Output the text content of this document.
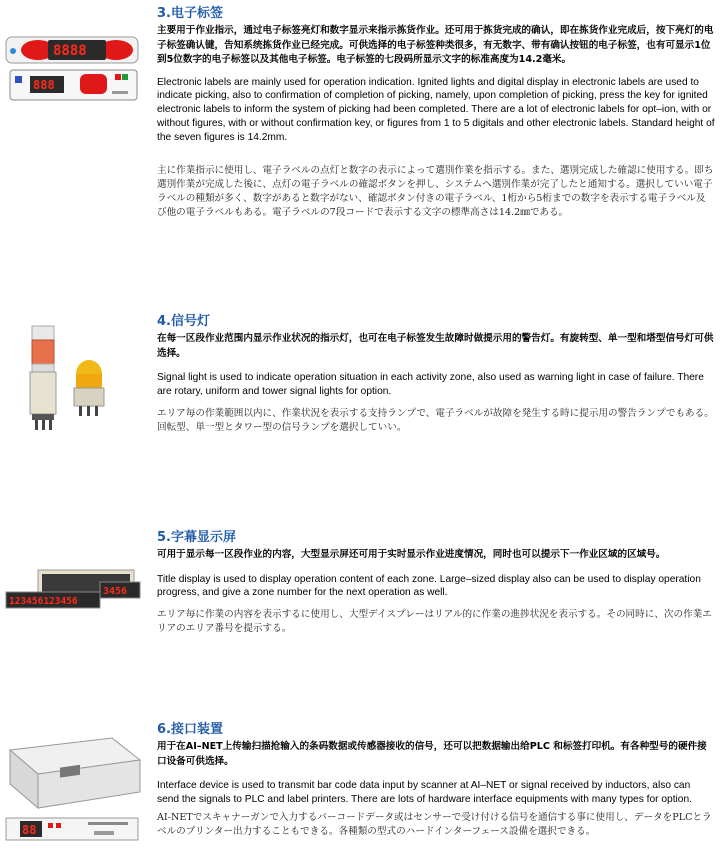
8888
888
3.电子标签

主要用于作业指示，通过电子标签亮灯和数字显示来指示拣货作业。还可用于拣货完成的确认，即在拣货作业完成后，按下亮灯的电子标签确认键，告知系统拣货作业已经完成。可供选择的电子标签种类很多，有无数字、带有确认按钮的电子标签，也有可显示1位到5位数字的电子标签以及其他电子标签。电子标签的七段码所显示文字的标准高度为14.2毫米。

Electronic labels are mainly used for operation indication. Ignited lights and digital display in electronic labels are used to indicate picking, also to confirmation of completion of picking, namely, upon completion of picking, press the key for ignited electronic labels to inform the system of picking had been completed. There are a lot of electronic labels for opt–ion, with or without figures, with or without confirmation key, or figures from 1 to 5 digitals and other electronic labels. Standard height of the seven figures is 14.2mm.

主に作業指示に使用し、電子ラベルの点灯と数字の表示によって選別作業を指示する。また、選別完成した確認に使用する。即ち選別作業が完成した後に、点灯の電子ラベルの確認ボタンを押し、システムへ選別作業が完了したと通知する。選択していい電子ラベルの種類が多く、数字があると数字がない、確認ボタン付きの電子ラベル、1桁から5桁までの数字を表示する電子ラベル及び他の電子ラベルもある。電子ラベルの7段コードで表示する文字の標準高さは14.2㎜である。

4.信号灯

在每一区段作业范围内显示作业状况的指示灯，也可在电子标签发生故障时做提示用的警告灯。有旋转型、单一型和塔型信号灯可供选择。

Signal light is used to indicate operation situation in each activity zone, also used as warning light in case of failure. There are rotary, uniform and tower signal lights for option.

エリア毎の作業範囲以内に、作業状況を表示する支持ランプで、電子ラベルが故障を発生する時に提示用の警告ランプでもある。回転型、単一型とタワー型の信号ランプを選択していい。

3456
123456123456
5.字幕显示屏

可用于显示每一区段作业的内容，大型显示屏还可用于实时显示作业进度情况，同时也可以提示下一作业区域的区域号。

Title display is used to display operation content of each zone. Large–sized display also can be used to display operation progress, and give a zone number for the next operation as well.

エリア毎に作業の内容を表示するに使用し、大型デイスプレーはリアル的に作業の進捗状況を表示する。その同時に、次の作業エリアのエリア番号を提示する。

88
6.接口装置

用于在AI–NET上传输扫描抢输入的条码数据或传感器接收的信号，还可以把数据输出给PLC 和标签打印机。有各种型号的硬件接口设备可供选择。

Interface device is used to transmit bar code data input by scanner at AI–NET or signal received by inductors, also can send the signals to PLC and label printers. There are lots of hardware interface equipments with many types for option.

AI-NETでスキャナーガンで入力するバーコードデータ或はセンサーで受け付ける信号を通信する事に使用し、データをPLCとラベルのプリンター出力することもできる。各種類の型式のハードインターフェース設備を選択できる。
